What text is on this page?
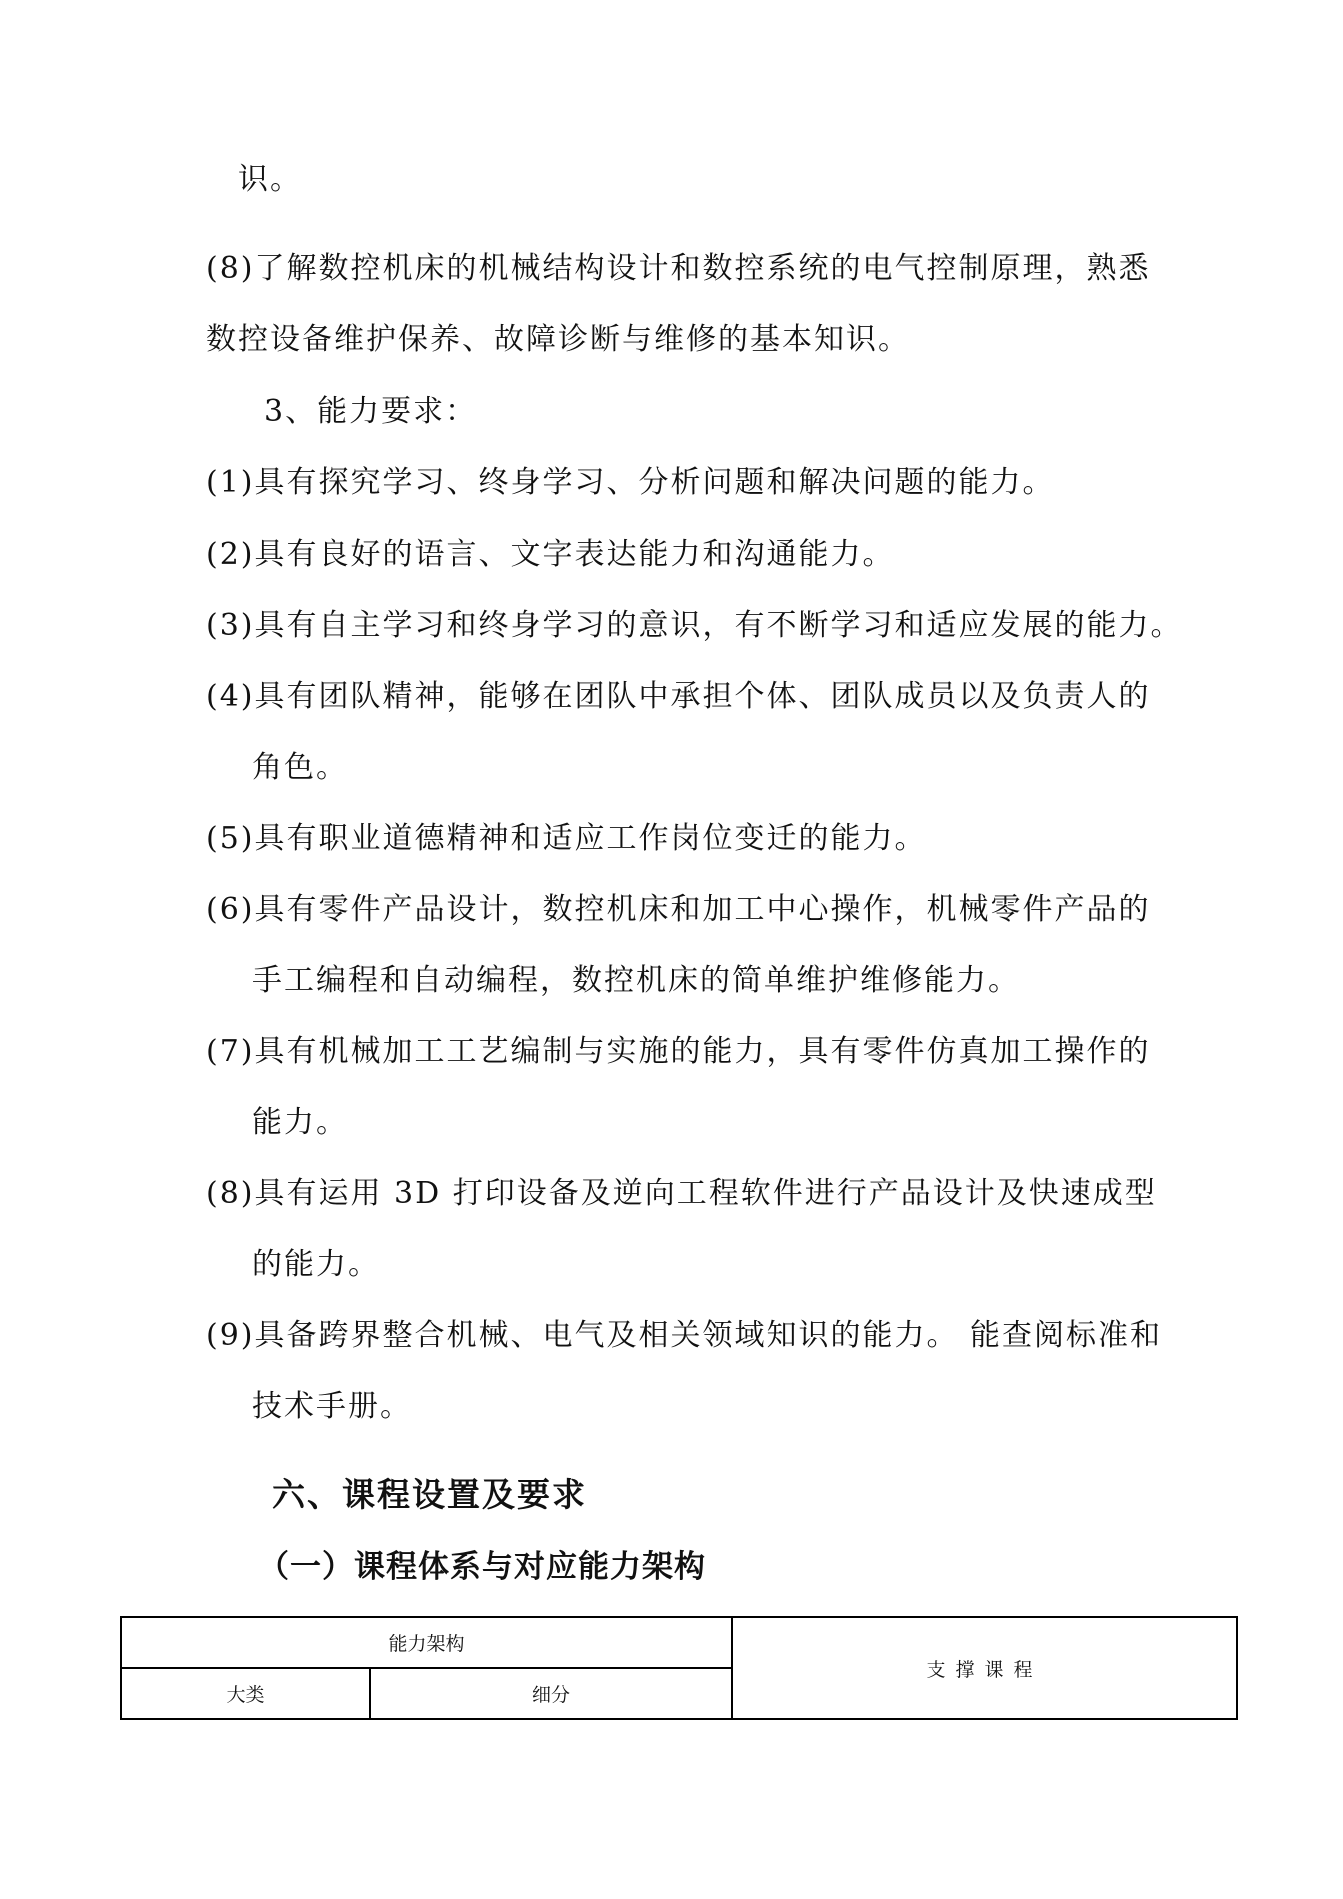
识。
(8)了解数控机床的机械结构设计和数控系统的电气控制原理，熟悉
数控设备维护保养、故障诊断与维修的基本知识。
3、能力要求：
(1)具有探究学习、终身学习、分析问题和解决问题的能力。
(2)具有良好的语言、文字表达能力和沟通能力。
(3)具有自主学习和终身学习的意识，有不断学习和适应发展的能力。
(4)具有团队精神，能够在团队中承担个体、团队成员以及负责人的
角色。
(5)具有职业道德精神和适应工作岗位变迁的能力。
(6)具有零件产品设计，数控机床和加工中心操作，机械零件产品的
手工编程和自动编程，数控机床的简单维护维修能力。
(7)具有机械加工工艺编制与实施的能力，具有零件仿真加工操作的
能力。
(8)具有运用 3D 打印设备及逆向工程软件进行产品设计及快速成型
的能力。
(9)具备跨界整合机械、电气及相关领域知识的能力。 能查阅标准和
技术手册。
六、课程设置及要求
（一）课程体系与对应能力架构
能力架构		支撑课程
大类	细分	
